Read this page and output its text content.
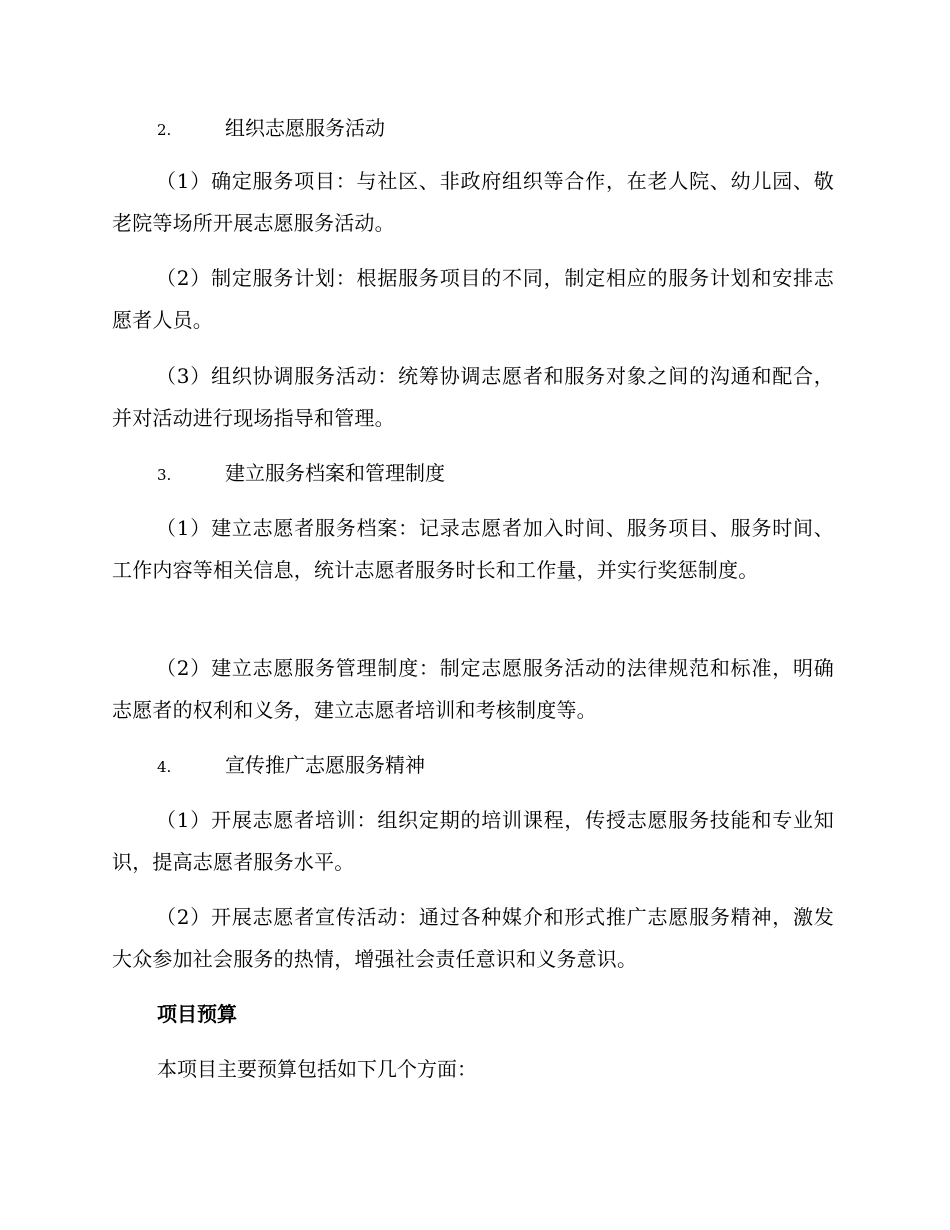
2.	组织志愿服务活动

（1）确定服务项目：与社区、非政府组织等合作，在老人院、幼儿园、敬老院等场所开展志愿服务活动。

（2）制定服务计划：根据服务项目的不同，制定相应的服务计划和安排志愿者人员。

（3）组织协调服务活动：统筹协调志愿者和服务对象之间的沟通和配合，并对活动进行现场指导和管理。

3.	建立服务档案和管理制度

（1）建立志愿者服务档案：记录志愿者加入时间、服务项目、服务时间、工作内容等相关信息，统计志愿者服务时长和工作量，并实行奖惩制度。

（2）建立志愿服务管理制度：制定志愿服务活动的法律规范和标准，明确志愿者的权利和义务，建立志愿者培训和考核制度等。

4.	宣传推广志愿服务精神

（1）开展志愿者培训：组织定期的培训课程，传授志愿服务技能和专业知识，提高志愿者服务水平。

（2）开展志愿者宣传活动：通过各种媒介和形式推广志愿服务精神，激发大众参加社会服务的热情，增强社会责任意识和义务意识。

项目预算
本项目主要预算包括如下几个方面：
